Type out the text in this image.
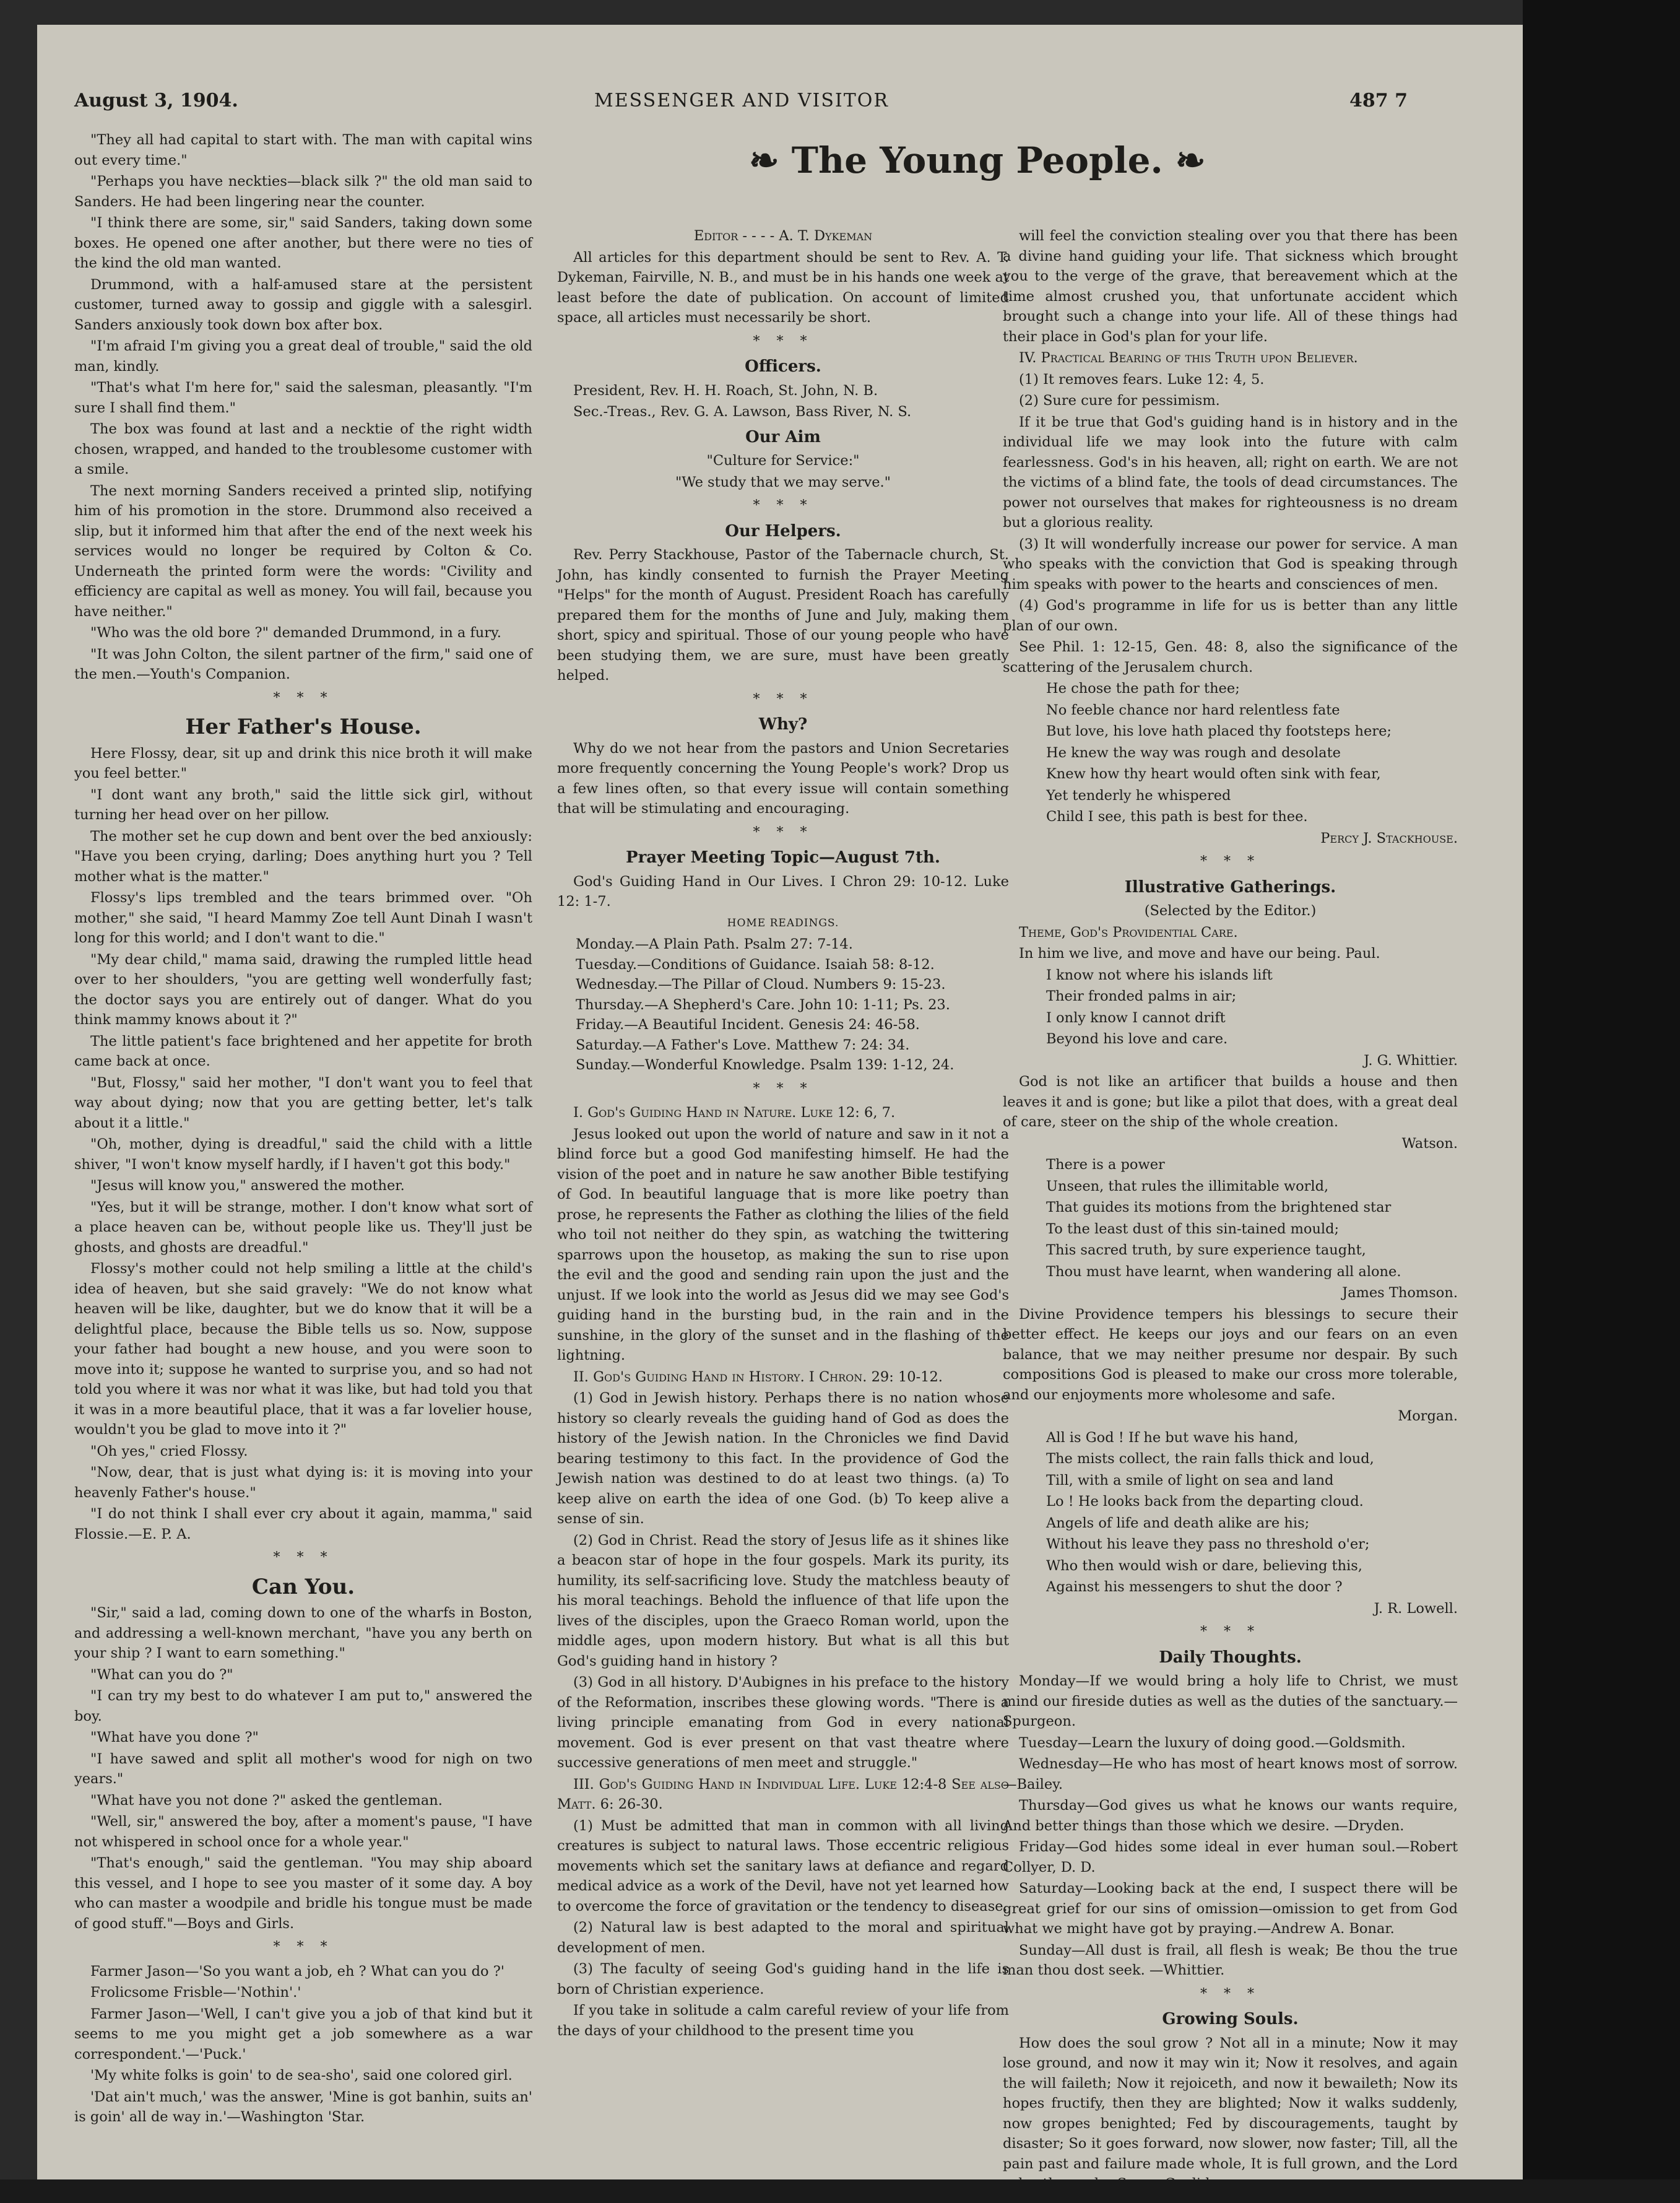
August 3, 1904.	MESSENGER AND VISITOR	487 7
❧ The Young People. ❧

"They all had capital to start with. The man with capital wins out every time."

"Perhaps you have neckties—black silk ?" the old man said to Sanders. He had been lingering near the counter.

"I think there are some, sir," said Sanders, taking down some boxes. He opened one after another, but there were no ties of the kind the old man wanted.

Drummond, with a half-amused stare at the persistent customer, turned away to gossip and giggle with a salesgirl. Sanders anxiously took down box after box.

"I'm afraid I'm giving you a great deal of trouble," said the old man, kindly.

"That's what I'm here for," said the salesman, pleasantly. "I'm sure I shall find them."

The box was found at last and a necktie of the right width chosen, wrapped, and handed to the troublesome customer with a smile.

The next morning Sanders received a printed slip, notifying him of his promotion in the store. Drummond also received a slip, but it informed him that after the end of the next week his services would no longer be required by Colton & Co. Underneath the printed form were the words: "Civility and efficiency are capital as well as money. You will fail, because you have neither."

"Who was the old bore ?" demanded Drummond, in a fury.

"It was John Colton, the silent partner of the firm," said one of the men.—Youth's Companion.

* * *
Her Father's House.

Here Flossy, dear, sit up and drink this nice broth it will make you feel better."

"I dont want any broth," said the little sick girl, without turning her head over on her pillow.

The mother set he cup down and bent over the bed anxiously: "Have you been crying, darling; Does anything hurt you ? Tell mother what is the matter."

Flossy's lips trembled and the tears brimmed over. "Oh mother," she said, "I heard Mammy Zoe tell Aunt Dinah I wasn't long for this world; and I don't want to die."

"My dear child," mama said, drawing the rumpled little head over to her shoulders, "you are getting well wonderfully fast; the doctor says you are entirely out of danger. What do you think mammy knows about it ?"

The little patient's face brightened and her appetite for broth came back at once.

"But, Flossy," said her mother, "I don't want you to feel that way about dying; now that you are getting better, let's talk about it a little."

"Oh, mother, dying is dreadful," said the child with a little shiver, "I won't know myself hardly, if I haven't got this body."

"Jesus will know you," answered the mother.

"Yes, but it will be strange, mother. I don't know what sort of a place heaven can be, without people like us. They'll just be ghosts, and ghosts are dreadful."

Flossy's mother could not help smiling a little at the child's idea of heaven, but she said gravely: "We do not know what heaven will be like, daughter, but we do know that it will be a delightful place, because the Bible tells us so. Now, suppose your father had bought a new house, and you were soon to move into it; suppose he wanted to surprise you, and so had not told you where it was nor what it was like, but had told you that it was in a more beautiful place, that it was a far lovelier house, wouldn't you be glad to move into it ?"

"Oh yes," cried Flossy.

"Now, dear, that is just what dying is: it is moving into your heavenly Father's house."

"I do not think I shall ever cry about it again, mamma," said Flossie.—E. P. A.

* * *
Can You.

"Sir," said a lad, coming down to one of the wharfs in Boston, and addressing a well-known merchant, "have you any berth on your ship ? I want to earn something."

"What can you do ?"

"I can try my best to do whatever I am put to," answered the boy.

"What have you done ?"

"I have sawed and split all mother's wood for nigh on two years."

"What have you not done ?" asked the gentleman.

"Well, sir," answered the boy, after a moment's pause, "I have not whispered in school once for a whole year."

"That's enough," said the gentleman. "You may ship aboard this vessel, and I hope to see you master of it some day. A boy who can master a woodpile and bridle his tongue must be made of good stuff."—Boys and Girls.

* * *

Farmer Jason—'So you want a job, eh ? What can you do ?'

Frolicsome Frisble—'Nothin'.'

Farmer Jason—'Well, I can't give you a job of that kind but it seems to me you might get a job somewhere as a war correspondent.'—'Puck.'

'My white folks is goin' to de sea-sho', said one colored girl.

'Dat ain't much,' was the answer, 'Mine is got banhin, suits an' is goin' all de way in.'—Washington 'Star.

Editor - - - - A. T. Dykeman

All articles for this department should be sent to Rev. A. T. Dykeman, Fairville, N. B., and must be in his hands one week at least before the date of publication. On account of limited space, all articles must necessarily be short.

* * *
Officers.

President, Rev. H. H. Roach, St. John, N. B.

Sec.-Treas., Rev. G. A. Lawson, Bass River, N. S.

Our Aim

"Culture for Service:"

"We study that we may serve."

* * *
Our Helpers.

Rev. Perry Stackhouse, Pastor of the Tabernacle church, St. John, has kindly consented to furnish the Prayer Meeting "Helps" for the month of August. President Roach has carefully prepared them for the months of June and July, making them short, spicy and spiritual. Those of our young people who have been studying them, we are sure, must have been greatly helped.

* * *
Why?

Why do we not hear from the pastors and Union Secretaries more frequently concerning the Young People's work? Drop us a few lines often, so that every issue will contain something that will be stimulating and encouraging.

* * *
Prayer Meeting Topic—August 7th.

God's Guiding Hand in Our Lives. I Chron 29: 10-12. Luke 12: 1-7.

HOME READINGS.

Monday.—A Plain Path. Psalm 27: 7-14.
Tuesday.—Conditions of Guidance. Isaiah 58: 8-12.
Wednesday.—The Pillar of Cloud. Numbers 9: 15-23.
Thursday.—A Shepherd's Care. John 10: 1-11; Ps. 23.
Friday.—A Beautiful Incident. Genesis 24: 46-58.
Saturday.—A Father's Love. Matthew 7: 24: 34.
Sunday.—Wonderful Knowledge. Psalm 139: 1-12, 24.
* * *

I. God's Guiding Hand in Nature. Luke 12: 6, 7.

Jesus looked out upon the world of nature and saw in it not a blind force but a good God manifesting himself. He had the vision of the poet and in nature he saw another Bible testifying of God. In beautiful language that is more like poetry than prose, he represents the Father as clothing the lilies of the field who toil not neither do they spin, as watching the twittering sparrows upon the housetop, as making the sun to rise upon the evil and the good and sending rain upon the just and the unjust. If we look into the world as Jesus did we may see God's guiding hand in the bursting bud, in the rain and in the sunshine, in the glory of the sunset and in the flashing of the lightning.

II. God's Guiding Hand in History. I Chron. 29: 10-12.

(1) God in Jewish history. Perhaps there is no nation whose history so clearly reveals the guiding hand of God as does the history of the Jewish nation. In the Chronicles we find David bearing testimony to this fact. In the providence of God the Jewish nation was destined to do at least two things. (a) To keep alive on earth the idea of one God. (b) To keep alive a sense of sin.

(2) God in Christ. Read the story of Jesus life as it shines like a beacon star of hope in the four gospels. Mark its purity, its humility, its self-sacrificing love. Study the matchless beauty of his moral teachings. Behold the influence of that life upon the lives of the disciples, upon the Graeco Roman world, upon the middle ages, upon modern history. But what is all this but God's guiding hand in history ?

(3) God in all history. D'Aubignes in his preface to the history of the Reformation, inscribes these glowing words. "There is a living principle emanating from God in every national movement. God is ever present on that vast theatre where successive generations of men meet and struggle."

III. God's Guiding Hand in Individual Life. Luke 12:4-8 See also Matt. 6: 26-30.

(1) Must be admitted that man in common with all living creatures is subject to natural laws. Those eccentric religious movements which set the sanitary laws at defiance and regard medical advice as a work of the Devil, have not yet learned how to overcome the force of gravitation or the tendency to disease.

(2) Natural law is best adapted to the moral and spiritual development of men.

(3) The faculty of seeing God's guiding hand in the life is born of Christian experience.

If you take in solitude a calm careful review of your life from the days of your childhood to the present time you

will feel the conviction stealing over you that there has been a divine hand guiding your life. That sickness which brought you to the verge of the grave, that bereavement which at the time almost crushed you, that unfortunate accident which brought such a change into your life. All of these things had their place in God's plan for your life.

IV. Practical Bearing of this Truth upon Believer.

(1) It removes fears. Luke 12: 4, 5.

(2) Sure cure for pessimism.

If it be true that God's guiding hand is in history and in the individual life we may look into the future with calm fearlessness. God's in his heaven, all; right on earth. We are not the victims of a blind fate, the tools of dead circumstances. The power not ourselves that makes for righteousness is no dream but a glorious reality.

(3) It will wonderfully increase our power for service. A man who speaks with the conviction that God is speaking through him speaks with power to the hearts and consciences of men.

(4) God's programme in life for us is better than any little plan of our own.

See Phil. 1: 12-15, Gen. 48: 8, also the significance of the scattering of the Jerusalem church.

He chose the path for thee;

No feeble chance nor hard relentless fate

But love, his love hath placed thy footsteps here;

He knew the way was rough and desolate

Knew how thy heart would often sink with fear,

Yet tenderly he whispered

Child I see, this path is best for thee.

Percy J. Stackhouse.

* * *
Illustrative Gatherings.

(Selected by the Editor.)

Theme, God's Providential Care.

In him we live, and move and have our being. Paul.

I know not where his islands lift

Their fronded palms in air;

I only know I cannot drift

Beyond his love and care.

J. G. Whittier.

God is not like an artificer that builds a house and then leaves it and is gone; but like a pilot that does, with a great deal of care, steer on the ship of the whole creation.

Watson.

There is a power

Unseen, that rules the illimitable world,

That guides its motions from the brightened star

To the least dust of this sin-tained mould;

This sacred truth, by sure experience taught,

Thou must have learnt, when wandering all alone.

James Thomson.

Divine Providence tempers his blessings to secure their better effect. He keeps our joys and our fears on an even balance, that we may neither presume nor despair. By such compositions God is pleased to make our cross more tolerable, and our enjoyments more wholesome and safe.

Morgan.

All is God ! If he but wave his hand,

The mists collect, the rain falls thick and loud,

Till, with a smile of light on sea and land

Lo ! He looks back from the departing cloud.

Angels of life and death alike are his;

Without his leave they pass no threshold o'er;

Who then would wish or dare, believing this,

Against his messengers to shut the door ?

J. R. Lowell.

* * *
Daily Thoughts.

Monday—If we would bring a holy life to Christ, we must mind our fireside duties as well as the duties of the sanctuary.—Spurgeon.

Tuesday—Learn the luxury of doing good.—Goldsmith.

Wednesday—He who has most of heart knows most of sorrow.—Bailey.

Thursday—God gives us what he knows our wants require, And better things than those which we desire. —Dryden.

Friday—God hides some ideal in ever human soul.—Robert Collyer, D. D.

Saturday—Looking back at the end, I suspect there will be great grief for our sins of omission—omission to get from God what we might have got by praying.—Andrew A. Bonar.

Sunday—All dust is frail, all flesh is weak; Be thou the true man thou dost seek. —Whittier.

* * *
Growing Souls.

How does the soul grow ? Not all in a minute; Now it may lose ground, and now it may win it; Now it resolves, and again the will faileth; Now it rejoiceth, and now it bewaileth; Now its hopes fructify, then they are blighted; Now it walks suddenly, now gropes benighted; Fed by discouragements, taught by disaster; So it goes forward, now slower, now faster; Till, all the pain past and failure made whole, It is full grown, and the Lord
